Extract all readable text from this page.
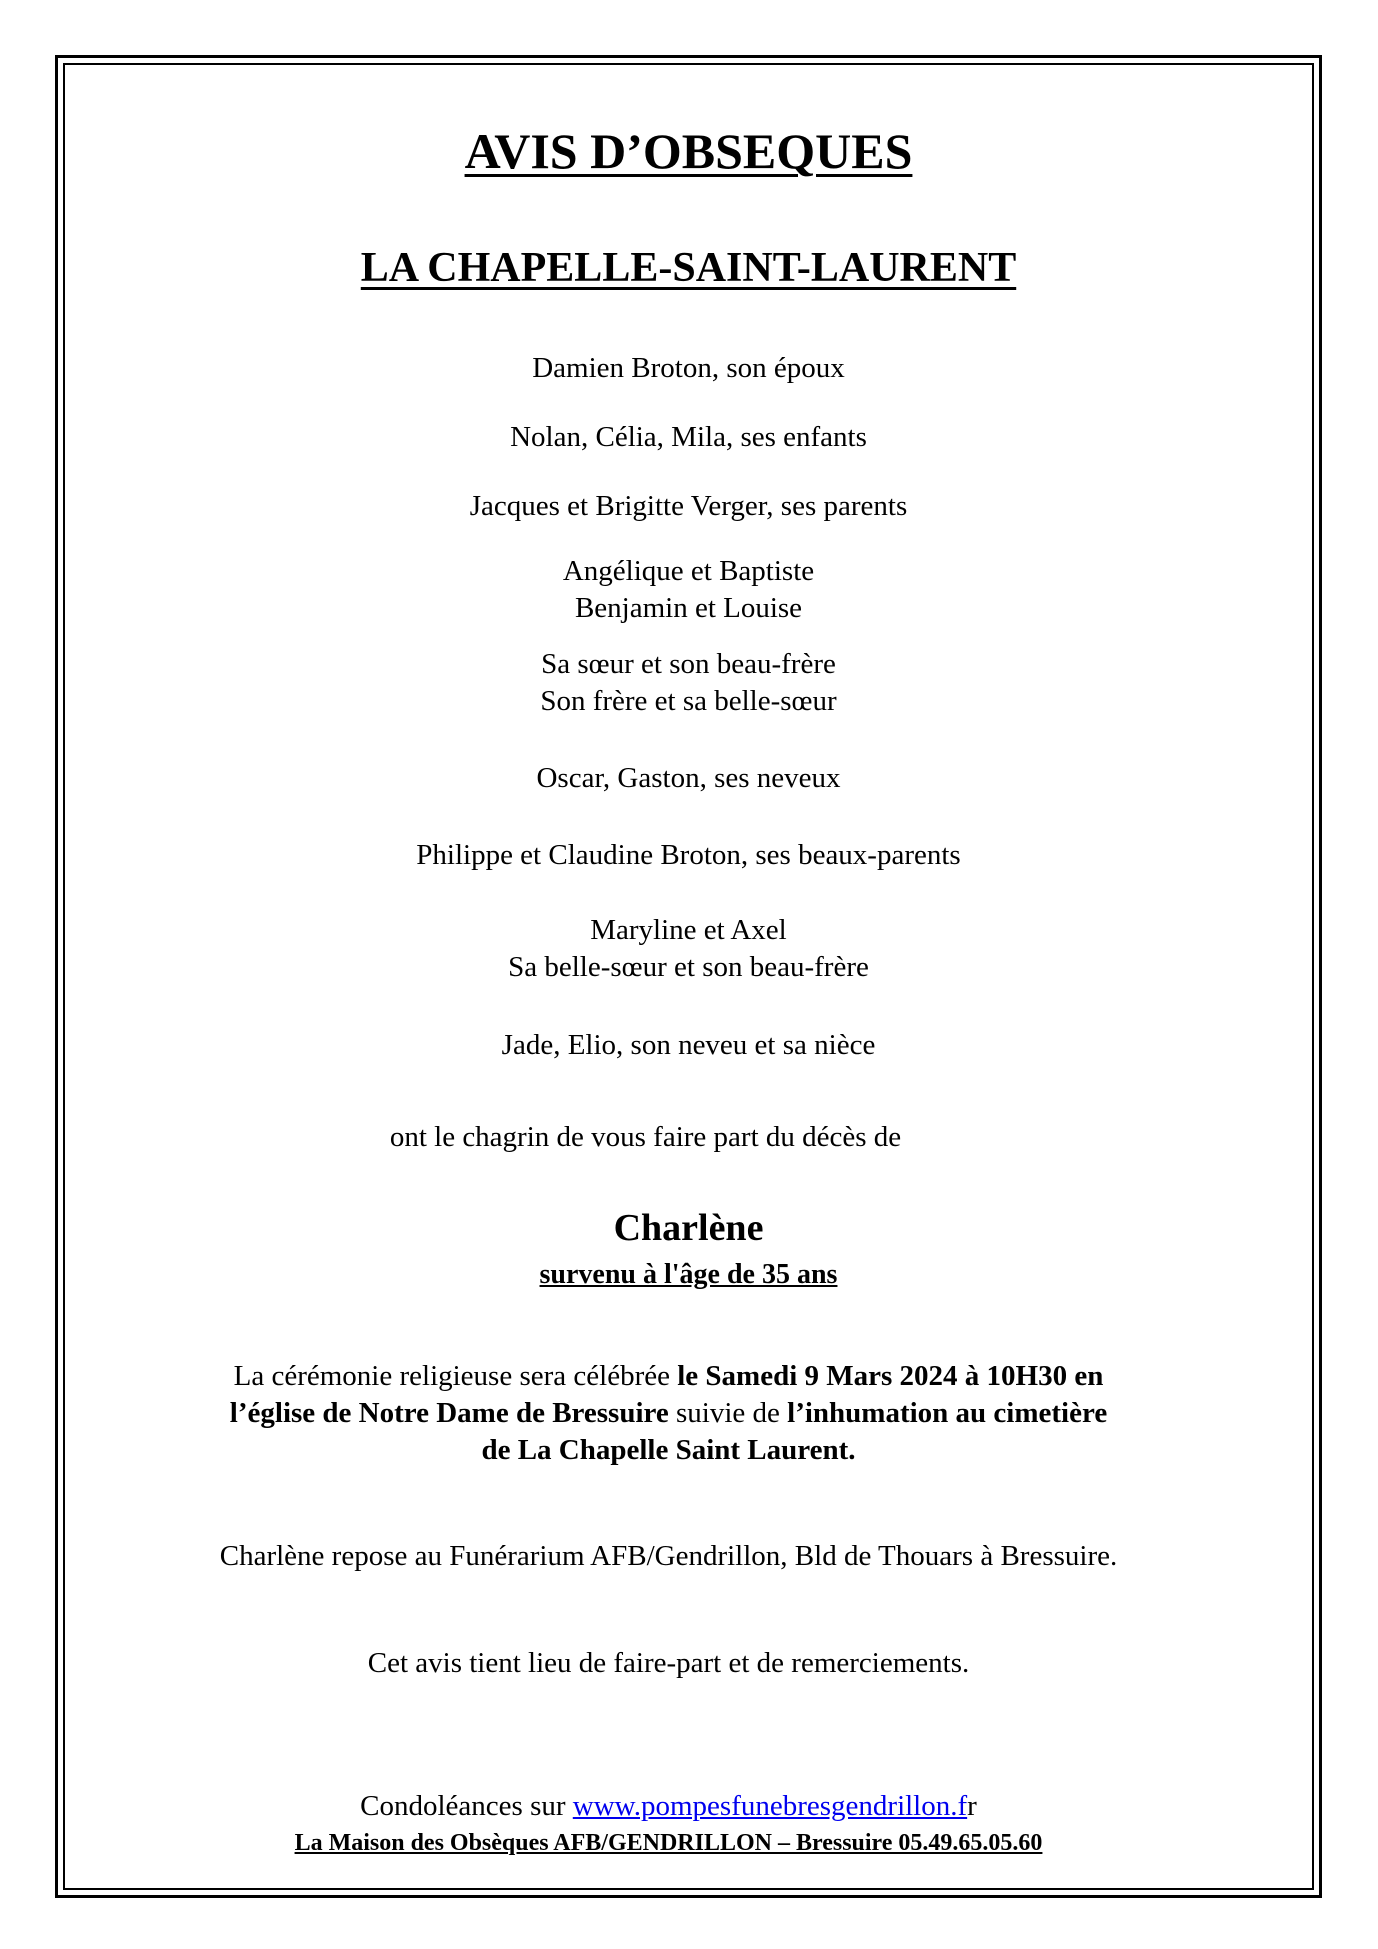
AVIS D’OBSEQUES
LA CHAPELLE-SAINT-LAURENT
Damien Broton, son époux
Nolan, Célia, Mila, ses enfants
Jacques et Brigitte Verger, ses parents
Angélique et Baptiste
Benjamin et Louise
Sa sœur et son beau-frère
Son frère et sa belle-sœur
Oscar, Gaston, ses neveux
Philippe et Claudine Broton, ses beaux-parents
Maryline et Axel
Sa belle-sœur et son beau-frère
Jade, Elio, son neveu et sa nièce
ont le chagrin de vous faire part du décès de
Charlène
survenu à l'âge de 35 ans
La cérémonie religieuse sera célébrée le Samedi 9 Mars 2024 à 10H30 en
l’église de Notre Dame de Bressuire suivie de l’inhumation au cimetière
de La Chapelle Saint Laurent.
Charlène repose au Funérarium AFB/Gendrillon, Bld de Thouars à Bressuire.
Cet avis tient lieu de faire-part et de remerciements.
Condoléances sur www.pompesfunebresgendrillon.fr
La Maison des Obsèques AFB/GENDRILLON – Bressuire 05.49.65.05.60
